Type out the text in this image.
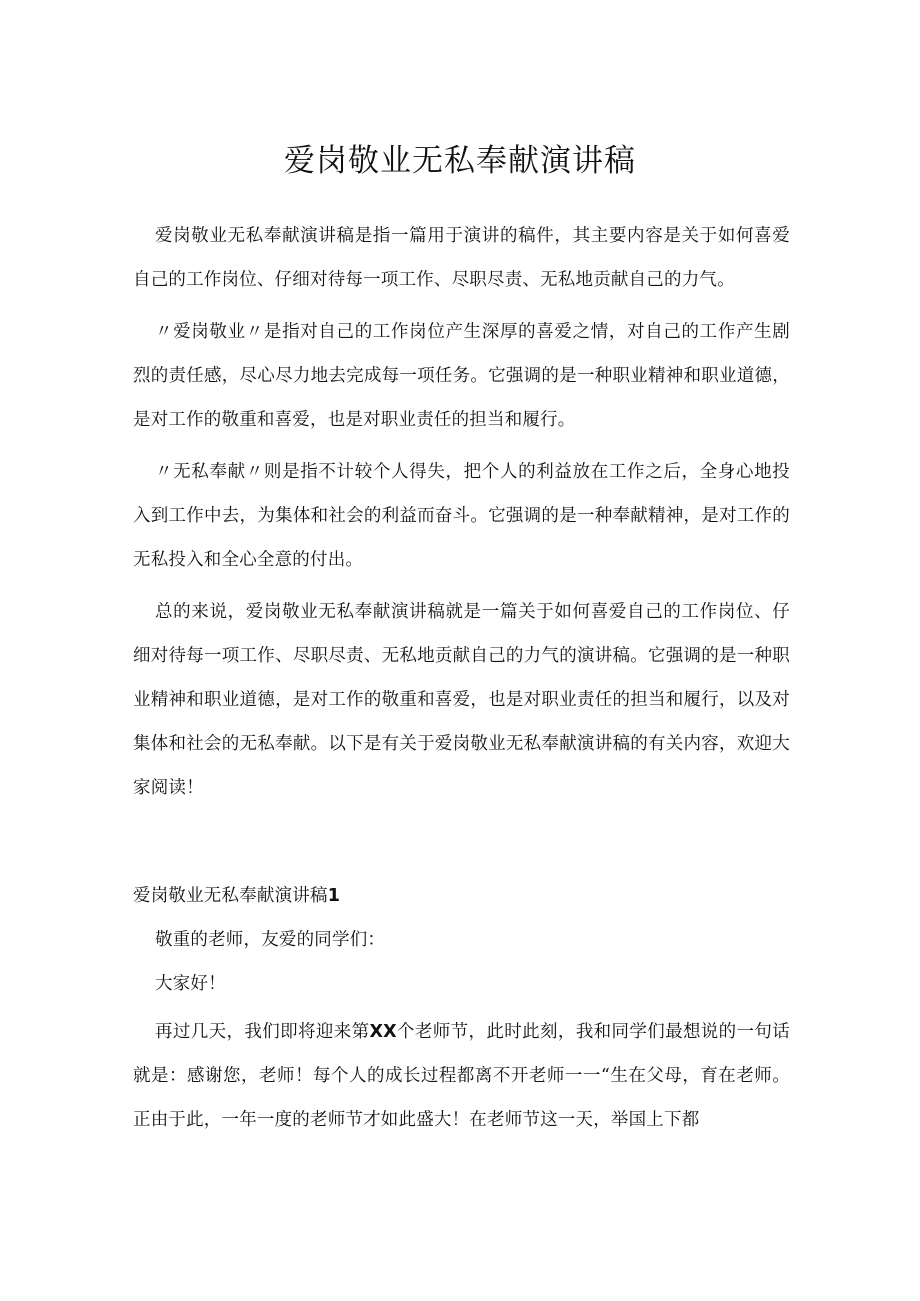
爱岗敬业无私奉献演讲稿

爱岗敬业无私奉献演讲稿是指一篇用于演讲的稿件，其主要内容是关于如何喜爱自己的工作岗位、仔细对待每一项工作、尽职尽责、无私地贡献自己的力气。

〃爱岗敬业〃是指对自己的工作岗位产生深厚的喜爱之情，对自己的工作产生剧烈的责任感，尽心尽力地去完成每一项任务。它强调的是一种职业精神和职业道德，是对工作的敬重和喜爱，也是对职业责任的担当和履行。

〃无私奉献〃则是指不计较个人得失，把个人的利益放在工作之后，全身心地投入到工作中去，为集体和社会的利益而奋斗。它强调的是一种奉献精神，是对工作的无私投入和全心全意的付出。

总的来说，爱岗敬业无私奉献演讲稿就是一篇关于如何喜爱自己的工作岗位、仔细对待每一项工作、尽职尽责、无私地贡献自己的力气的演讲稿。它强调的是一种职业精神和职业道德，是对工作的敬重和喜爱，也是对职业责任的担当和履行，以及对集体和社会的无私奉献。以下是有关于爱岗敬业无私奉献演讲稿的有关内容，欢迎大家阅读！

爱岗敬业无私奉献演讲稿1

敬重的老师，友爱的同学们：

大家好！

再过几天，我们即将迎来第XX个老师节，此时此刻，我和同学们最想说的一句话就是：感谢您，老师！每个人的成长过程都离不开老师一一“生在父母，育在老师。正由于此，一年一度的老师节才如此盛大！在老师节这一天，举国上下都
